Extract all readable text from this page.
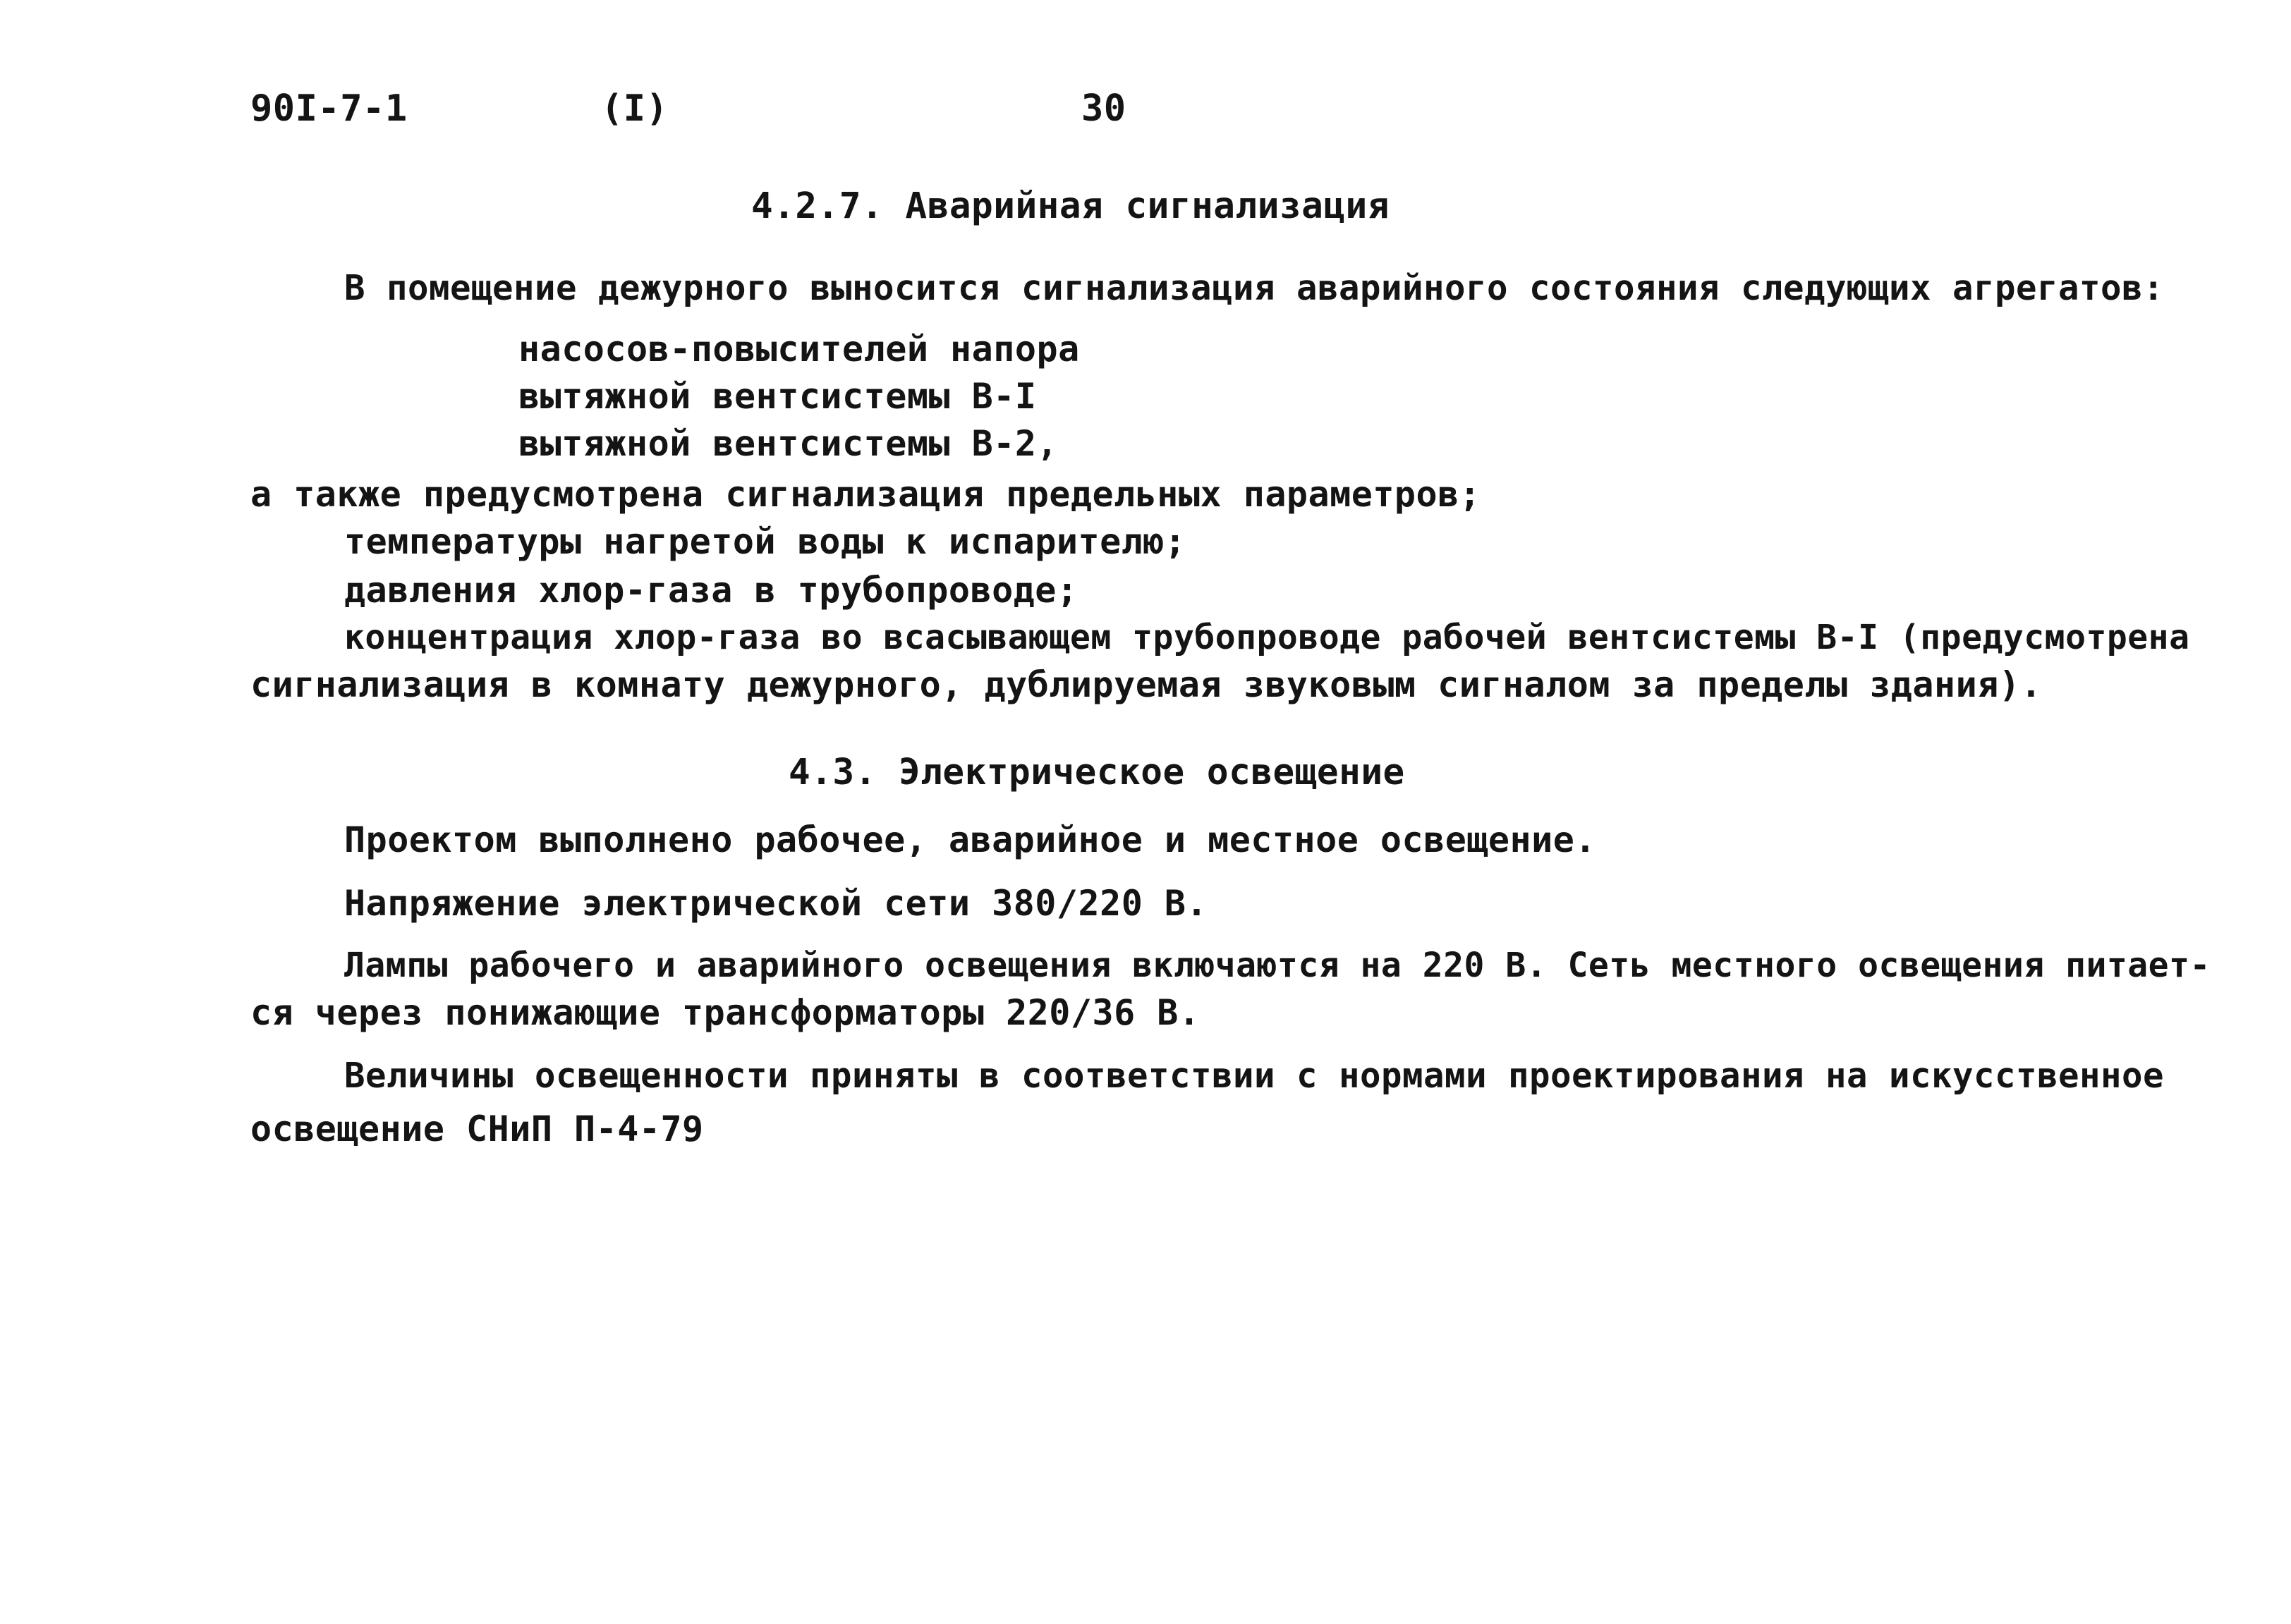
90I-7-1	(I)	30
4.2.7. Аварийная сигнализация
В помещение дежурного выносится сигнализация аварийного состояния следующих агрегатов:
насосов-повысителей напора
вытяжной вентсистемы В-I
вытяжной вентсистемы В-2,
а также предусмотрена сигнализация предельных параметров;
температуры нагретой воды к испарителю;
давления хлор-газа в трубопроводе;
концентрация хлор-газа во всасывающем трубопроводе рабочей вентсистемы В-I (предусмотрена
сигнализация в комнату дежурного, дублируемая звуковым сигналом за пределы здания).
4.3. Электрическое освещение
Проектом выполнено рабочее, аварийное и местное освещение.
Напряжение электрической сети 380/220 В.
Лампы рабочего и аварийного освещения включаются на 220 В. Сеть местного освещения питает-
ся через понижающие трансформаторы 220/36 В.
Величины освещенности приняты в соответствии с нормами проектирования на искусственное
освещение СНиП П-4-79
